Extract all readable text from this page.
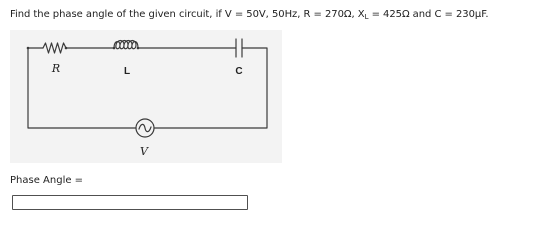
Find the phase angle of the given circuit, if V = 50V, 50Hz, R = 270Ω, $X_L = 425\Omega$ and C = 230µF.
R	L	C
V
Phase Angle =
